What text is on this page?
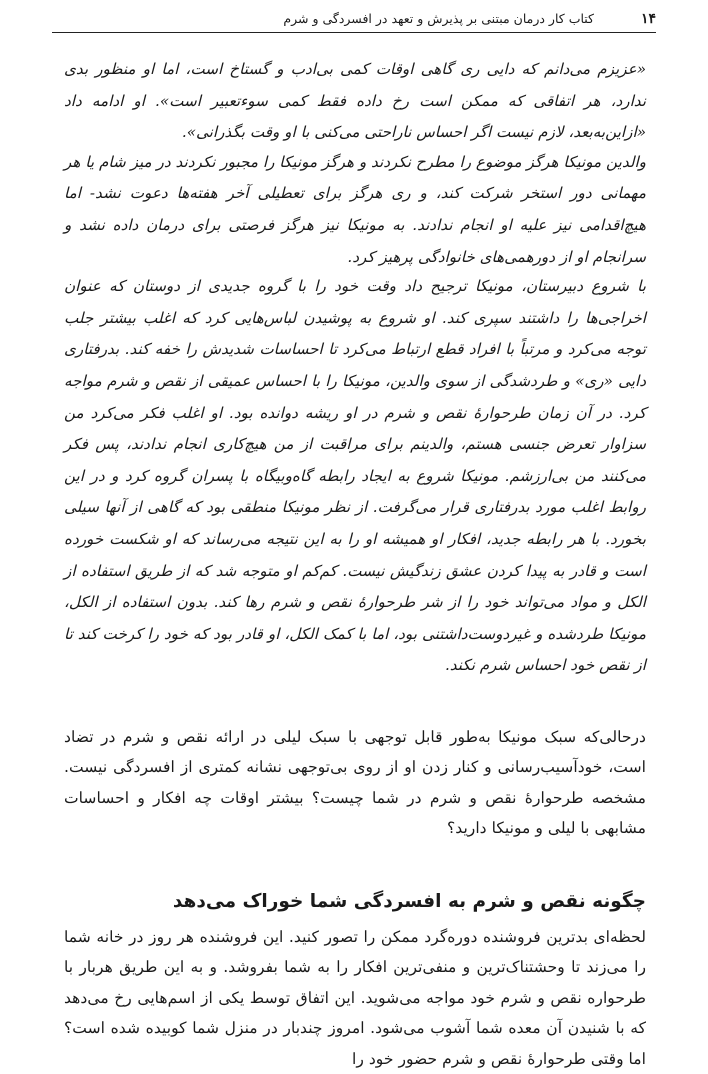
۱۴
کتاب کار درمان مبتنی بر پذیرش و تعهد در افسردگی و شرم

«عزیزم می‌دانم که دایی ری گاهی اوقات کمی بی‌ادب و گستاخ است، اما او منظور بدی ندارد، هر اتفاقی که ممکن است رخ داده فقط کمی سوءتعبیر است». او ادامه داد «ازاین‌به‌بعد، لازم نیست اگر احساس ناراحتی می‌کنی با او وقت بگذرانی».

والدین مونیکا هرگز موضوع را مطرح نکردند و هرگز مونیکا را مجبور نکردند در میز شام یا هر مهمانی دور استخر شرکت کند، و ری هرگز برای تعطیلی آخر هفته‌ها دعوت نشد- اما هیچ‌اقدامی نیز علیه او انجام ندادند. به مونیکا نیز هرگز فرصتی برای درمان داده نشد و سرانجام او از دورهمی‌های خانوادگی پرهیز کرد.

با شروع دبیرستان، مونیکا ترجیح داد وقت خود را با گروه جدیدی از دوستان که عنوان اخراجی‌ها را داشتند سپری کند. او شروع به پوشیدن لباس‌هایی کرد که اغلب بیشتر جلب توجه می‌کرد و مرتباً با افراد قطع ارتباط می‌کرد تا احساسات شدیدش را خفه کند. بدرفتاری دایی «ری» و طردشدگی از سوی والدین، مونیکا را با احساس عمیقی از نقص و شرم مواجه کرد. در آن زمان طرحوارهٔ نقص و شرم در او ریشه دوانده بود. او اغلب فکر می‌کرد من سزاوار تعرض جنسی هستم، والدینم برای مراقبت از من هیچ‌کاری انجام ندادند، پس فکر می‌کنند من بی‌ارزشم. مونیکا شروع به ایجاد رابطه گاه‌وبیگاه با پسران گروه کرد و در این روابط اغلب مورد بدرفتاری قرار می‌گرفت. از نظر مونیکا منطقی بود که گاهی از آنها سیلی بخورد. با هر رابطه جدید، افکار او همیشه او را به این نتیجه می‌رساند که او شکست خورده است و قادر به پیدا کردن عشق زندگیش نیست. کم‌کم او متوجه شد که از طریق استفاده از الکل و مواد می‌تواند خود را از شر طرحوارهٔ نقص و شرم رها کند. بدون استفاده از الکل، مونیکا طردشده و غیردوست‌داشتنی بود، اما با کمک الکل، او قادر بود که خود را کرخت کند تا از نقص خود احساس شرم نکند.

درحالی‌که سبک مونیکا به‌طور قابل توجهی با سبک لیلی در ارائه نقص و شرم در تضاد است، خودآسیب‌رسانی و کنار زدن او از روی بی‌توجهی نشانه کمتری از افسردگی نیست. مشخصه طرحوارهٔ نقص و شرم در شما چیست؟ بیشتر اوقات چه افکار و احساسات مشابهی با لیلی و مونیکا دارید؟

چگونه نقص و شرم به افسردگی شما خوراک می‌دهد

لحظه‌ای بدترین فروشنده دوره‌گرد ممکن را تصور کنید. این فروشنده هر روز در خانه شما را می‌زند تا وحشتناک‌ترین و منفی‌ترین افکار را به شما بفروشد. و به این طریق هربار با طرحواره نقص و شرم خود مواجه می‌شوید. این اتفاق توسط یکی از اسم‌هایی رخ می‌دهد که با شنیدن آن معده شما آشوب می‌شود. امروز چندبار در منزل شما کوبیده شده است؟ اما وقتی طرحوارهٔ نقص و شرم حضور خود را
